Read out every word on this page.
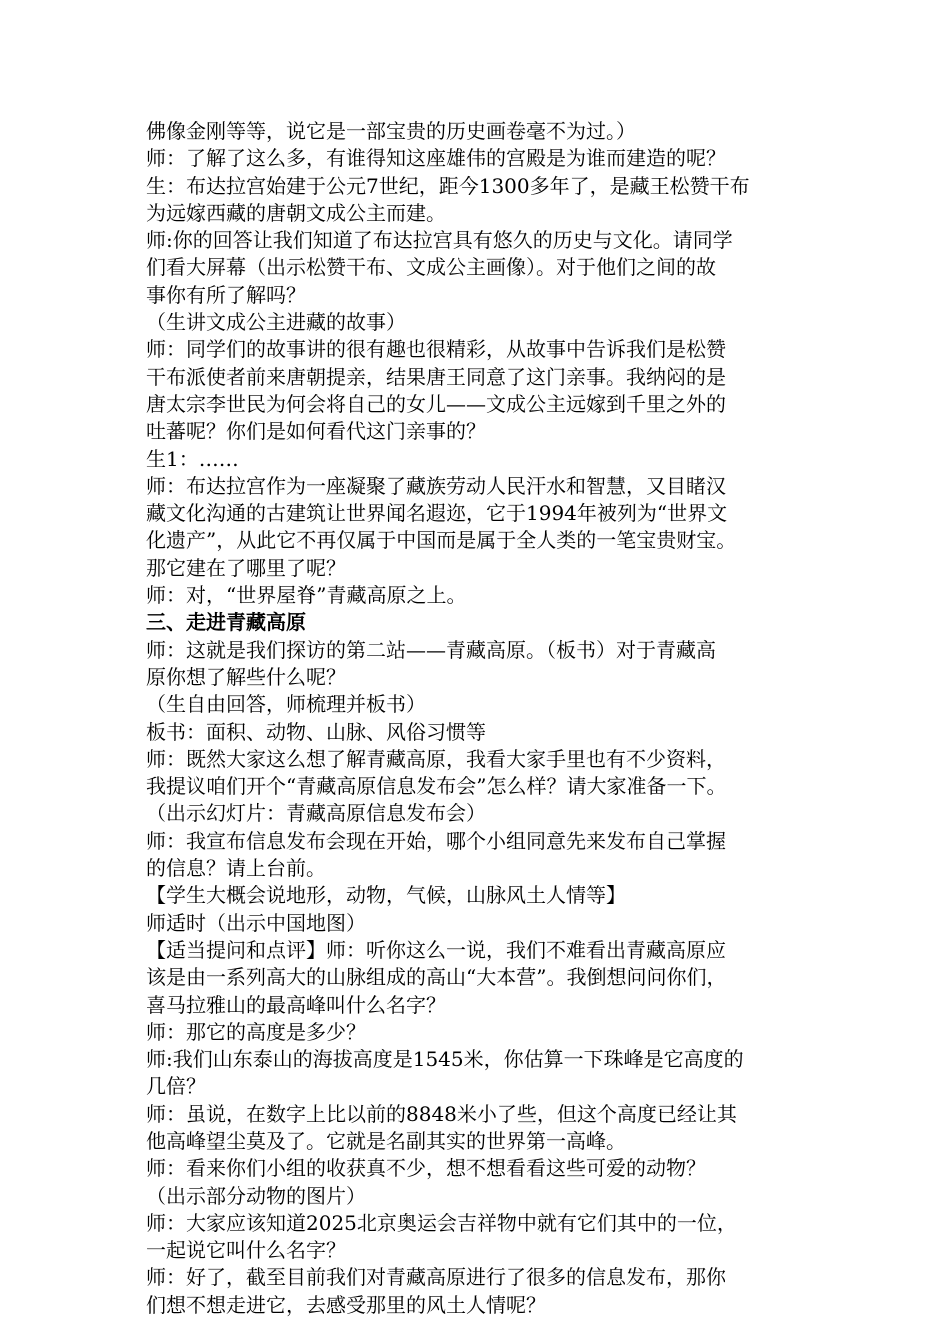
佛像金刚等等，说它是一部宝贵的历史画卷毫不为过。）

师：了解了这么多，有谁得知这座雄伟的宫殿是为谁而建造的呢？

生：布达拉宫始建于公元7世纪，距今1300多年了，是藏王松赞干布

为远嫁西藏的唐朝文成公主而建。

师:你的回答让我们知道了布达拉宫具有悠久的历史与文化。请同学

们看大屏幕（出示松赞干布、文成公主画像）。对于他们之间的故

事你有所了解吗？

（生讲文成公主进藏的故事）

师：同学们的故事讲的很有趣也很精彩，从故事中告诉我们是松赞

干布派使者前来唐朝提亲，结果唐王同意了这门亲事。我纳闷的是

唐太宗李世民为何会将自己的女儿——文成公主远嫁到千里之外的

吐蕃呢？你们是如何看代这门亲事的？

生1：……

师：布达拉宫作为一座凝聚了藏族劳动人民汗水和智慧，又目睹汉

藏文化沟通的古建筑让世界闻名遐迩，它于1994年被列为“世界文

化遗产”，从此它不再仅属于中国而是属于全人类的一笔宝贵财宝。

那它建在了哪里了呢？

师：对，“世界屋脊”青藏高原之上。

三、走进青藏高原

师：这就是我们探访的第二站——青藏高原。（板书）对于青藏高

原你想了解些什么呢？

（生自由回答，师梳理并板书）

板书：面积、动物、山脉、风俗习惯等

师：既然大家这么想了解青藏高原，我看大家手里也有不少资料，

我提议咱们开个“青藏高原信息发布会”怎么样？请大家准备一下。

（出示幻灯片：青藏高原信息发布会）

师：我宣布信息发布会现在开始，哪个小组同意先来发布自己掌握

的信息？请上台前。

【学生大概会说地形，动物，气候，山脉风土人情等】

师适时（出示中国地图）

【适当提问和点评】师：听你这么一说，我们不难看出青藏高原应

该是由一系列高大的山脉组成的高山“大本营”。我倒想问问你们，

喜马拉雅山的最高峰叫什么名字？

师：那它的高度是多少？

师:我们山东泰山的海拔高度是1545米，你估算一下珠峰是它高度的

几倍？

师：虽说，在数字上比以前的8848米小了些，但这个高度已经让其

他高峰望尘莫及了。它就是名副其实的世界第一高峰。

师：看来你们小组的收获真不少，想不想看看这些可爱的动物？

（出示部分动物的图片）

师：大家应该知道2025北京奥运会吉祥物中就有它们其中的一位，

一起说它叫什么名字？

师：好了，截至目前我们对青藏高原进行了很多的信息发布，那你

们想不想走进它，去感受那里的风土人情呢？
